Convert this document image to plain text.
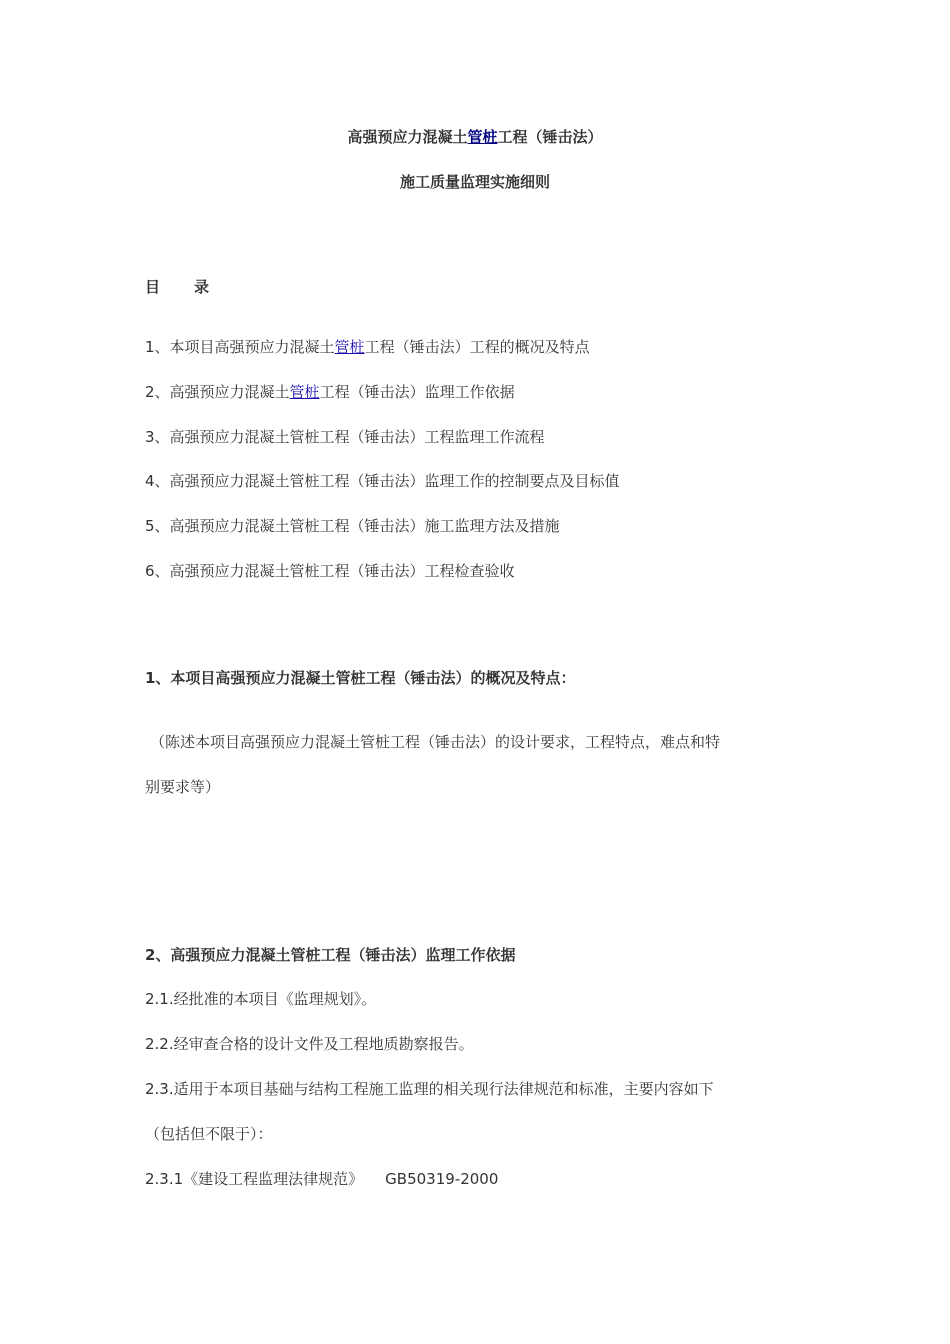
高强预应力混凝土管桩工程（锤击法）
施工质量监理实施细则
目 录
1、本项目高强预应力混凝土管桩工程（锤击法）工程的概况及特点
2、高强预应力混凝土管桩工程（锤击法）监理工作依据
3、高强预应力混凝土管桩工程（锤击法）工程监理工作流程
4、高强预应力混凝土管桩工程（锤击法）监理工作的控制要点及目标值
5、高强预应力混凝土管桩工程（锤击法）施工监理方法及措施
6、高强预应力混凝土管桩工程（锤击法）工程检查验收
1、本项目高强预应力混凝土管桩工程（锤击法）的概况及特点：
（陈述本项目高强预应力混凝土管桩工程（锤击法）的设计要求，工程特点，难点和特
别要求等）
2、高强预应力混凝土管桩工程（锤击法）监理工作依据
2.1.经批准的本项目《监理规划》。
2.2.经审查合格的设计文件及工程地质勘察报告。
2.3.适用于本项目基础与结构工程施工监理的相关现行法律规范和标准，主要内容如下
（包括但不限于）：
2.3.1《建设工程监理法律规范》 GB50319-2000
